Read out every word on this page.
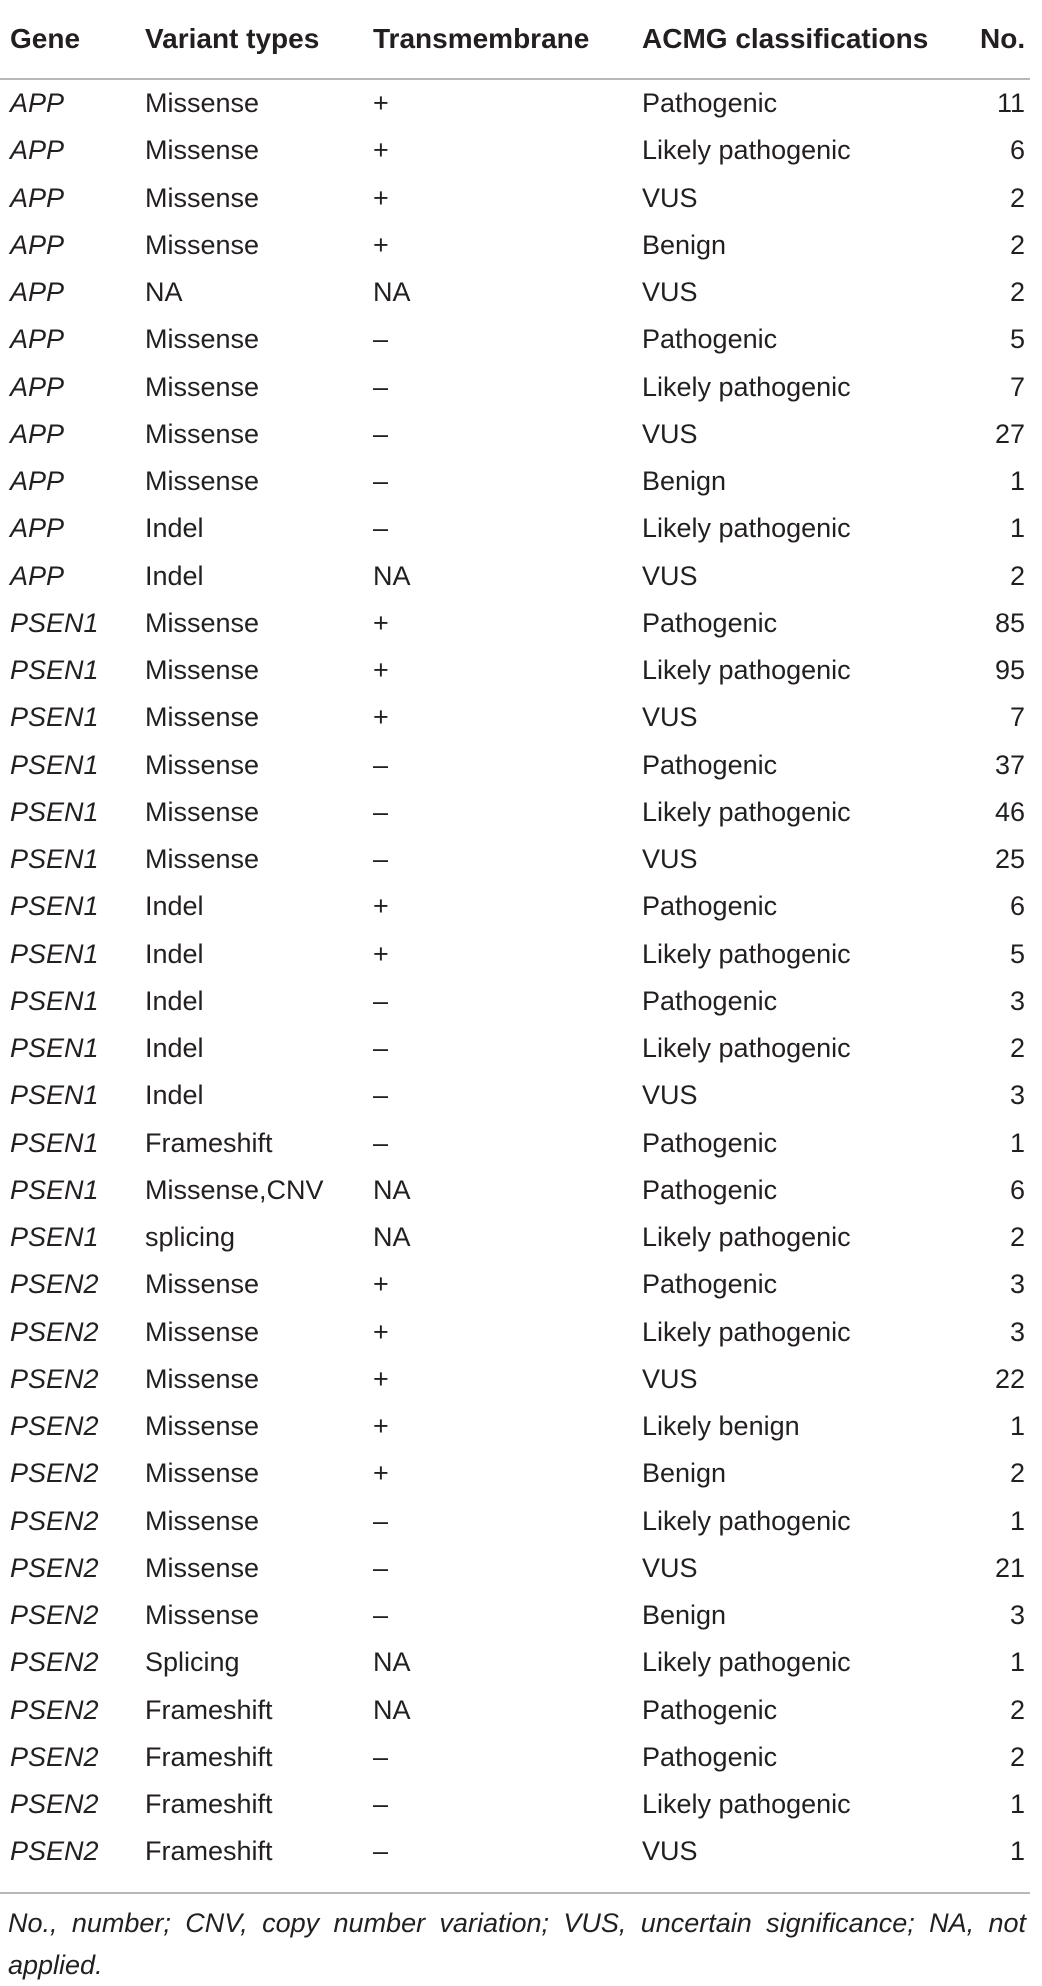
Gene	Variant types	Transmembrane	ACMG classifications	No.
APP	Missense	+	Pathogenic	11
APP	Missense	+	Likely pathogenic	6
APP	Missense	+	VUS	2
APP	Missense	+	Benign	2
APP	NA	NA	VUS	2
APP	Missense	–	Pathogenic	5
APP	Missense	–	Likely pathogenic	7
APP	Missense	–	VUS	27
APP	Missense	–	Benign	1
APP	Indel	–	Likely pathogenic	1
APP	Indel	NA	VUS	2
PSEN1	Missense	+	Pathogenic	85
PSEN1	Missense	+	Likely pathogenic	95
PSEN1	Missense	+	VUS	7
PSEN1	Missense	–	Pathogenic	37
PSEN1	Missense	–	Likely pathogenic	46
PSEN1	Missense	–	VUS	25
PSEN1	Indel	+	Pathogenic	6
PSEN1	Indel	+	Likely pathogenic	5
PSEN1	Indel	–	Pathogenic	3
PSEN1	Indel	–	Likely pathogenic	2
PSEN1	Indel	–	VUS	3
PSEN1	Frameshift	–	Pathogenic	1
PSEN1	Missense,CNV	NA	Pathogenic	6
PSEN1	splicing	NA	Likely pathogenic	2
PSEN2	Missense	+	Pathogenic	3
PSEN2	Missense	+	Likely pathogenic	3
PSEN2	Missense	+	VUS	22
PSEN2	Missense	+	Likely benign	1
PSEN2	Missense	+	Benign	2
PSEN2	Missense	–	Likely pathogenic	1
PSEN2	Missense	–	VUS	21
PSEN2	Missense	–	Benign	3
PSEN2	Splicing	NA	Likely pathogenic	1
PSEN2	Frameshift	NA	Pathogenic	2
PSEN2	Frameshift	–	Pathogenic	2
PSEN2	Frameshift	–	Likely pathogenic	1
PSEN2	Frameshift	–	VUS	1
No., number; CNV, copy number variation; VUS, uncertain significance; NA, not applied.
